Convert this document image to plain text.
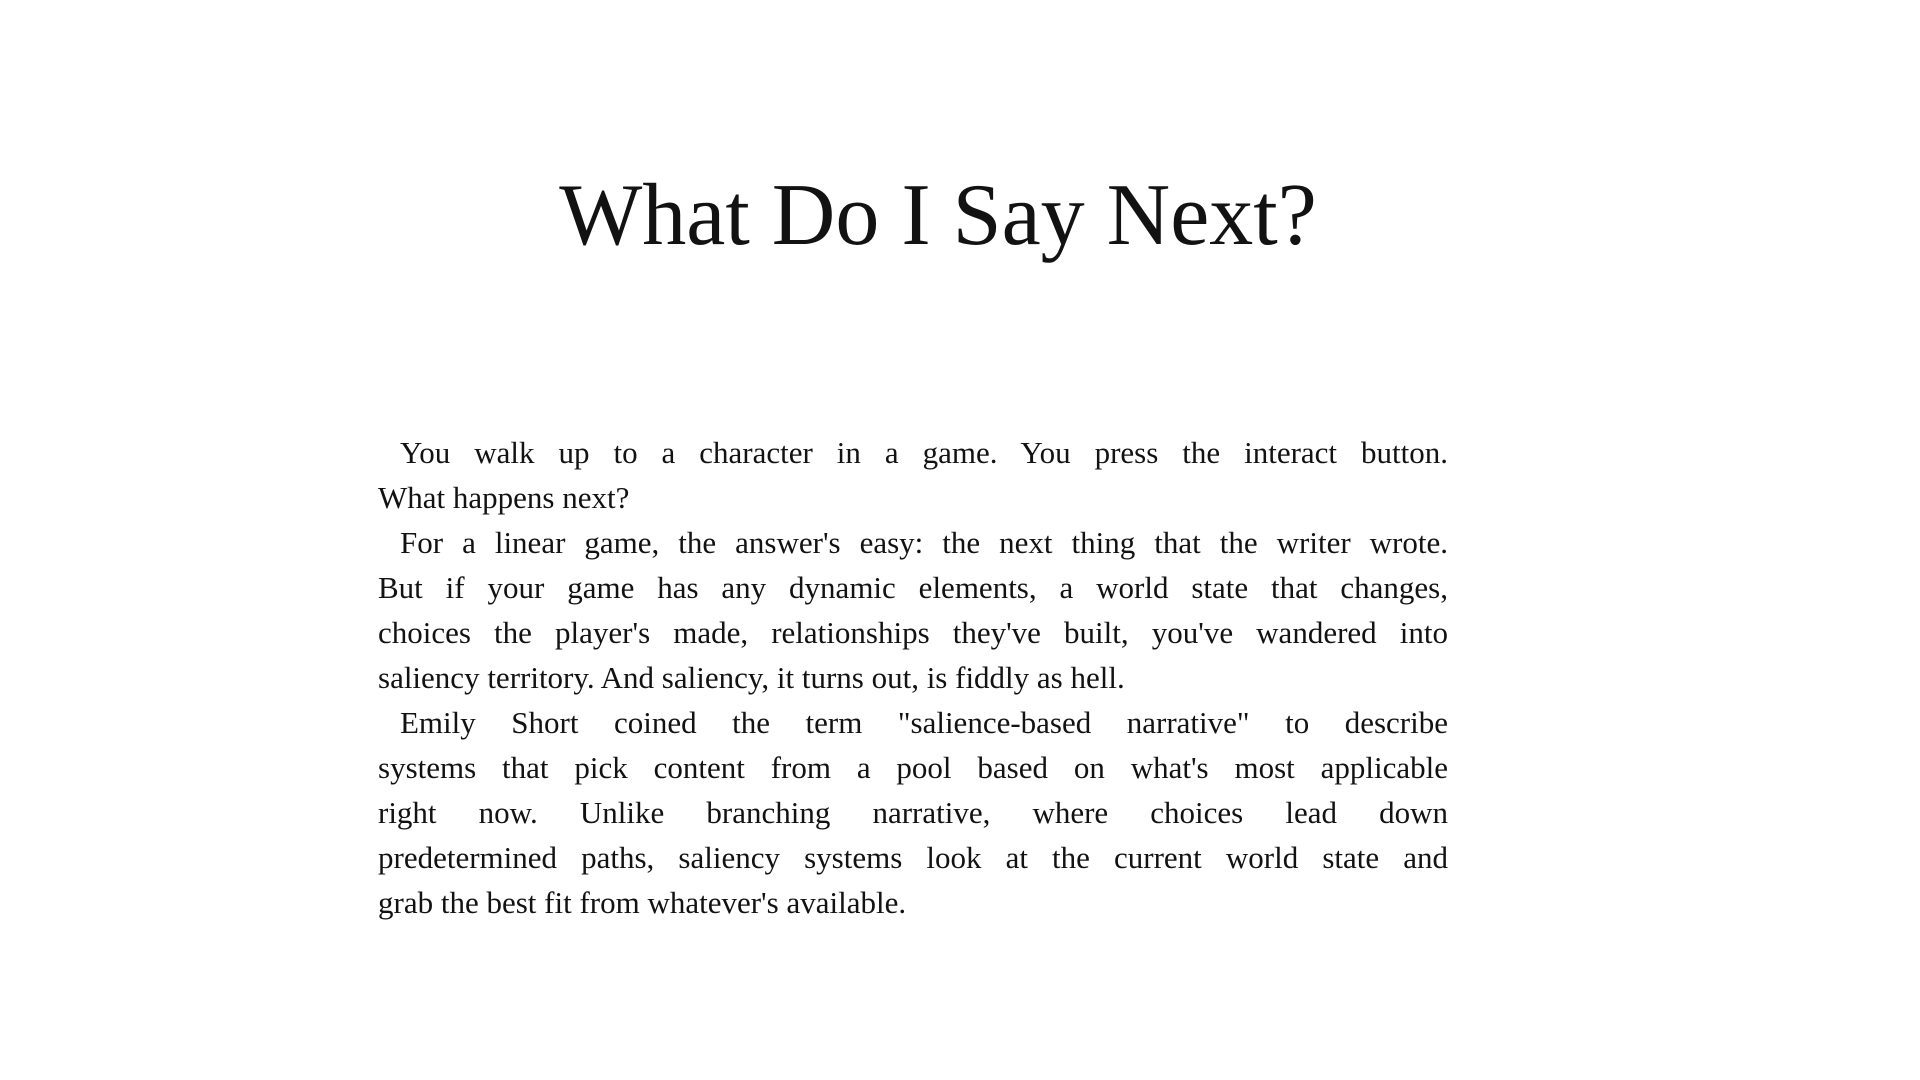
What Do I Say Next?

You walk up to a character in a game. You press the interact button.
What happens next?

For a linear game, the answer's easy: the next thing that the writer wrote.
But if your game has any dynamic elements, a world state that changes,
choices the player's made, relationships they've built, you've wandered into
saliency territory. And saliency, it turns out, is fiddly as hell.

Emily Short coined the term "salience-based narrative" to describe
systems that pick content from a pool based on what's most applicable
right now. Unlike branching narrative, where choices lead down
predetermined paths, saliency systems look at the current world state and
grab the best fit from whatever's available.
